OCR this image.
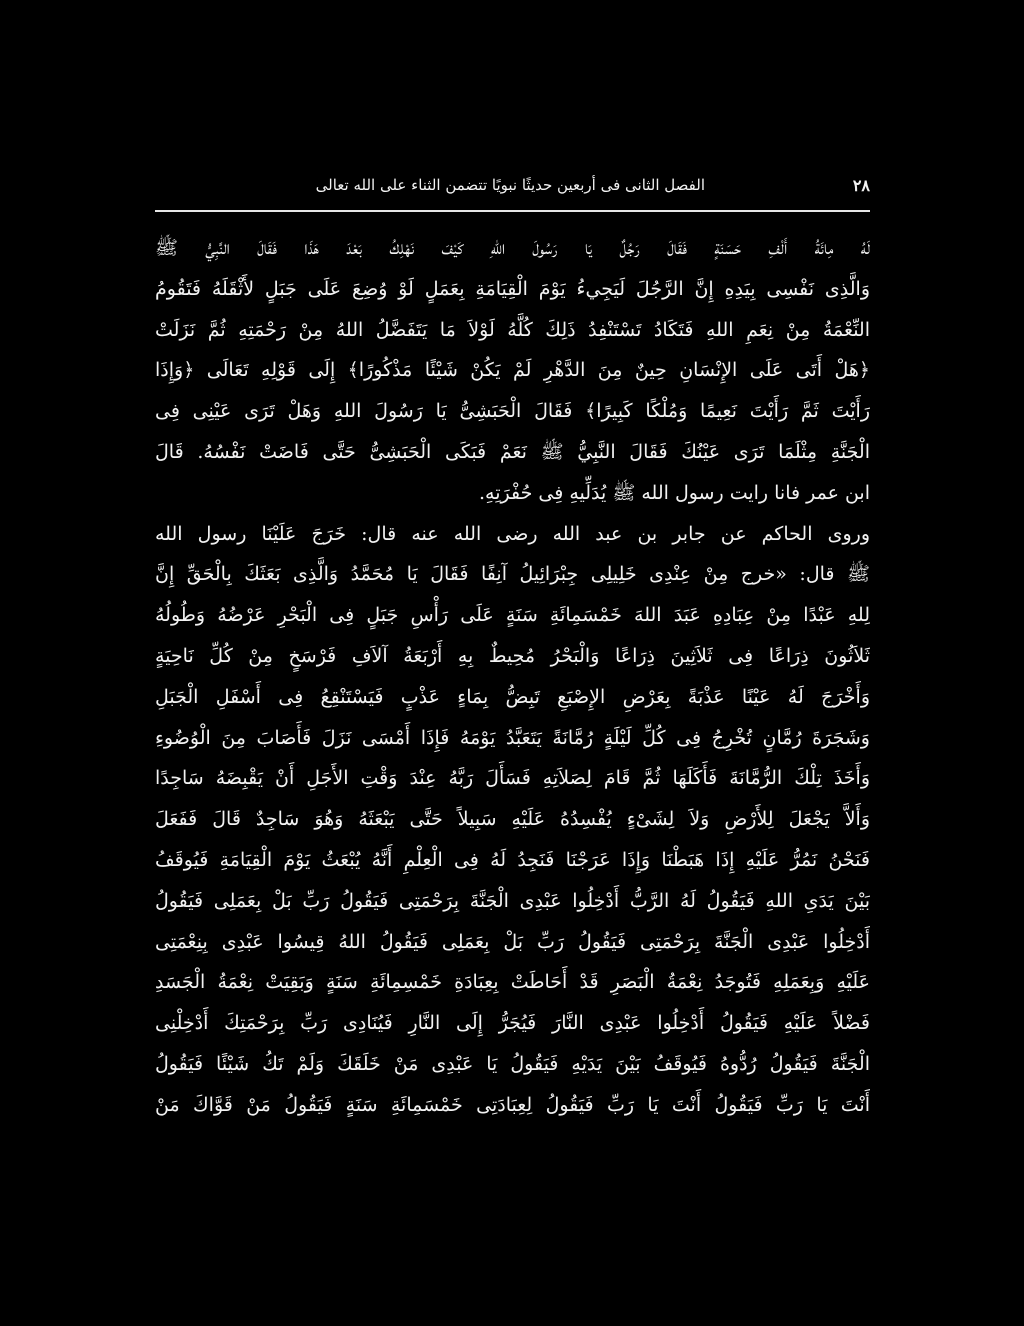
٢٨
الفصل الثانى فى أربعين حديثًا نبويًا تتضمن الثناء على الله تعالى
لَهُ مِائَةُ أَلْفِ حَسَنَةٍ فَقَالَ رَجُلٌ يَا رَسُولَ اللهِ كَيْفَ نَهْلِكُ بَعْدَ هَذَا فَقَالَ النَّبِيُّ ﷺ
وَالَّذِى نَفْسِى بِيَدِهِ إِنَّ الرَّجُلَ لَيَجِيءُ يَوْمَ الْقِيَامَةِ بِعَمَلٍ لَوْ وُضِعَ عَلَى جَبَلٍ لأَثْقَلَهُ فَتَقُومُ
النِّعْمَةُ مِنْ نِعَمِ اللهِ فَتَكَادُ تَسْتَنْفِدُ ذَلِكَ كُلَّهُ لَوْلاَ مَا يَتَفَضَّلُ اللهُ مِنْ رَحْمَتِهِ ثُمَّ نَزَلَتْ
﴿هَلْ أَتَى عَلَى الإِنْسَانِ حِينٌ مِنَ الدَّهْرِ لَمْ يَكُنْ شَيْئًا مَذْكُورًا﴾ إِلَى قَوْلِهِ تَعَالَى ﴿وَإِذَا
رَأَيْتَ ثَمَّ رَأَيْتَ نَعِيمًا وَمُلْكًا كَبِيرًا﴾ فَقَالَ الْحَبَشِىُّ يَا رَسُولَ اللهِ وَهَلْ تَرَى عَيْنِى فِى
الْجَنَّةِ مِثْلَمَا تَرَى عَيْنُكَ فَقَالَ النَّبِيُّ ﷺ نَعَمْ فَبَكَى الْحَبَشِىُّ حَتَّى فَاضَتْ نَفْسُهُ. قَالَ
ابن عمر فانا رايت رسول الله ﷺ يُدَلِّيهِ فِى حُفْرَتِهِ.
وروى الحاكم عن جابر بن عبد الله رضى الله عنه قال: خَرَجَ عَلَيْنَا رسول الله
ﷺ قال: «خرج مِنْ عِنْدِى خَلِيلِى جِبْرَائِيلُ آنِفًا فَقَالَ يَا مُحَمَّدُ وَالَّذِى بَعَثَكَ بِالْحَقِّ إِنَّ
لِلهِ عَبْدًا مِنْ عِبَادِهِ عَبَدَ اللهَ خَمْسَمِائَةِ سَنَةٍ عَلَى رَأْسِ جَبَلٍ فِى الْبَحْرِ عَرْضُهُ وَطُولُهُ
ثَلاَثُونَ ذِرَاعًا فِى ثَلاَثِينَ ذِرَاعًا وَالْبَحْرُ مُحِيطٌ بِهِ أَرْبَعَةُ آلاَفِ فَرْسَخٍ مِنْ كُلِّ نَاحِيَةٍ
وَأَخْرَجَ لَهُ عَيْنًا عَذْبَةً بِعَرْضِ الإِصْبَعِ تَبِضُّ بِمَاءٍ عَذْبٍ فَيَسْتَنْقِعُ فِى أَسْفَلِ الْجَبَلِ
وَشَجَرَةَ رُمَّانٍ تُخْرِجُ فِى كُلِّ لَيْلَةٍ رُمَّانَةً يَتَعَبَّدُ يَوْمَهُ فَإِذَا أَمْسَى نَزَلَ فَأَصَابَ مِنَ الْوُضُوءِ
وَأَخَذَ تِلْكَ الرُّمَّانَةَ فَأَكَلَهَا ثُمَّ قَامَ لِصَلاَتِهِ فَسَأَلَ رَبَّهُ عِنْدَ وَقْتِ الأَجَلِ أَنْ يَقْبِضَهُ سَاجِدًا
وَأَلاَّ يَجْعَلَ لِلأَرْضِ وَلاَ لِشَىْءٍ يُفْسِدُهُ عَلَيْهِ سَبِيلاً حَتَّى يَبْعَثَهُ وَهُوَ سَاجِدٌ قَالَ فَفَعَلَ
فَنَحْنُ نَمُرُّ عَلَيْهِ إِذَا هَبَطْنَا وَإِذَا عَرَجْنَا فَنَجِدُ لَهُ فِى الْعِلْمِ أَنَّهُ يُبْعَثُ يَوْمَ الْقِيَامَةِ فَيُوقَفُ
بَيْنَ يَدَىِ اللهِ فَيَقُولُ لَهُ الرَّبُّ أَدْخِلُوا عَبْدِى الْجَنَّةَ بِرَحْمَتِى فَيَقُولُ رَبِّ بَلْ بِعَمَلِى فَيَقُولُ
أَدْخِلُوا عَبْدِى الْجَنَّةَ بِرَحْمَتِى فَيَقُولُ رَبِّ بَلْ بِعَمَلِى فَيَقُولُ اللهُ قِيسُوا عَبْدِى بِنِعْمَتِى
عَلَيْهِ وَبِعَمَلِهِ فَتُوجَدُ نِعْمَةُ الْبَصَرِ قَدْ أَحَاطَتْ بِعِبَادَةِ خَمْسِمِائَةِ سَنَةٍ وَبَقِيَتْ نِعْمَةُ الْجَسَدِ
فَضْلاً عَلَيْهِ فَيَقُولُ أَدْخِلُوا عَبْدِى النَّارَ فَيُجَرُّ إِلَى النَّارِ فَيُنَادِى رَبِّ بِرَحْمَتِكَ أَدْخِلْنِى
الْجَنَّةَ فَيَقُولُ رُدُّوهُ فَيُوقَفُ بَيْنَ يَدَيْهِ فَيَقُولُ يَا عَبْدِى مَنْ خَلَقَكَ وَلَمْ تَكُ شَيْئًا فَيَقُولُ
أَنْتَ يَا رَبِّ فَيَقُولُ أَنْتَ يَا رَبِّ فَيَقُولُ لِعِبَادَتِى خَمْسَمِائَةِ سَنَةٍ فَيَقُولُ مَنْ قَوَّاكَ مَنْ
